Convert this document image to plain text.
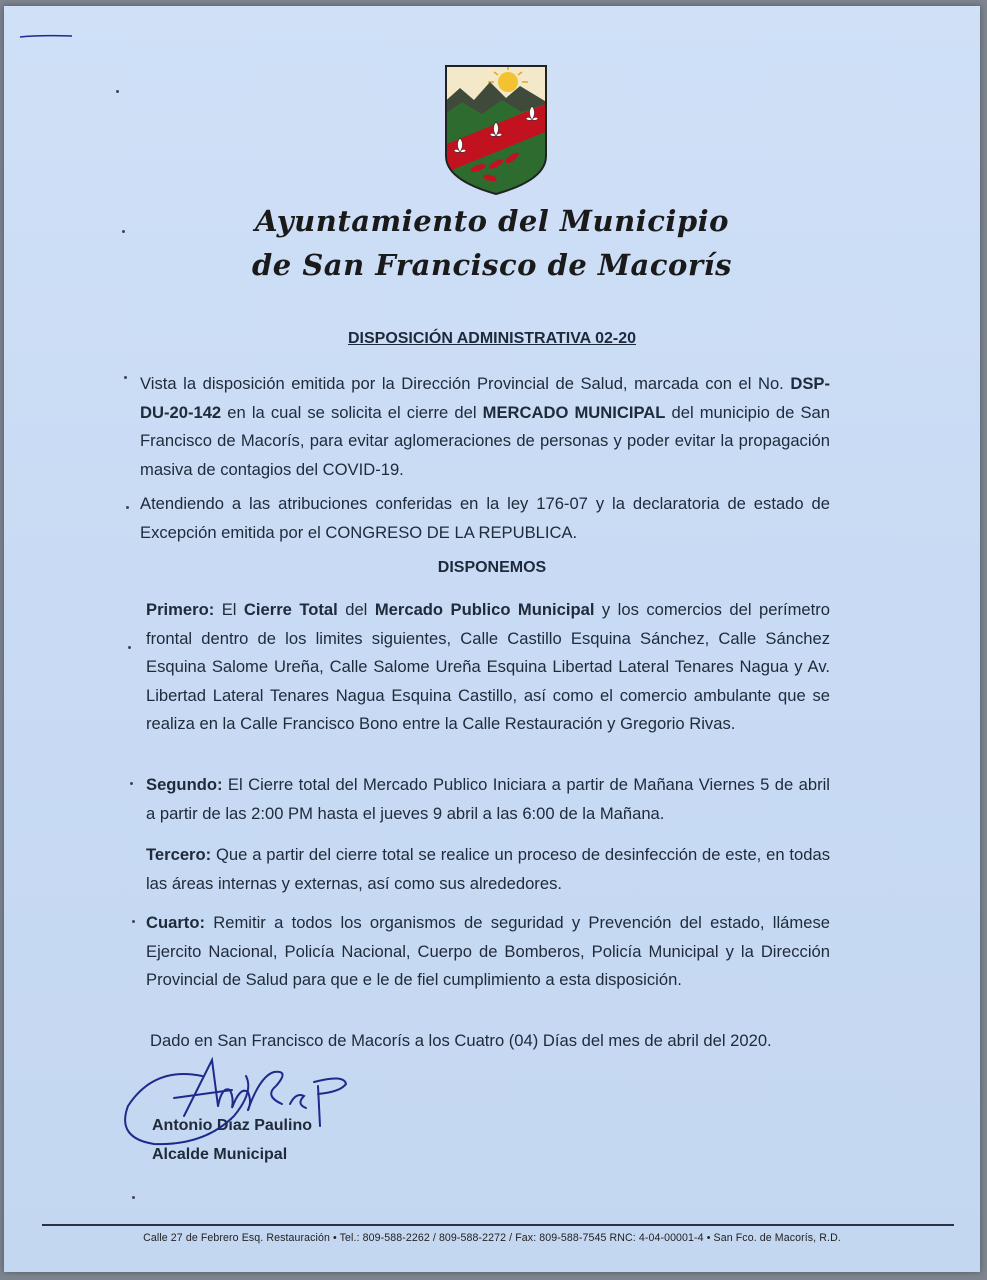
Ayuntamiento del Municipio
de San Francisco de Macorís
DISPOSICIÓN ADMINISTRATIVA 02-20
Vista la disposición emitida por la Dirección Provincial de Salud, marcada con el No. DSP-DU-20-142 en la cual se solicita el cierre del MERCADO MUNICIPAL del municipio de San Francisco de Macorís, para evitar aglomeraciones de personas y poder evitar la propagación masiva de contagios del COVID-19.
Atendiendo a las atribuciones conferidas en la ley 176-07 y la declaratoria de estado de Excepción emitida por el CONGRESO DE LA REPUBLICA.
DISPONEMOS
Primero: El Cierre Total del Mercado Publico Municipal y los comercios del perímetro frontal dentro de los limites siguientes, Calle Castillo Esquina Sánchez, Calle Sánchez Esquina Salome Ureña, Calle Salome Ureña Esquina Libertad Lateral Tenares Nagua y Av. Libertad Lateral Tenares Nagua Esquina Castillo, así como el comercio ambulante que se realiza en la Calle Francisco Bono entre la Calle Restauración y Gregorio Rivas.
Segundo: El Cierre total del Mercado Publico Iniciara a partir de Mañana Viernes 5 de abril a partir de las 2:00 PM hasta el jueves 9 abril a las 6:00 de la Mañana.
Tercero: Que a partir del cierre total se realice un proceso de desinfección de este, en todas las áreas internas y externas, así como sus alrededores.
Cuarto: Remitir a todos los organismos de seguridad y Prevención del estado, llámese Ejercito Nacional, Policía Nacional, Cuerpo de Bomberos, Policía Municipal y la Dirección Provincial de Salud para que e le de fiel cumplimiento a esta disposición.
Dado en San Francisco de Macorís a los Cuatro (04) Días del mes de abril del 2020.
Antonio Diaz Paulino
Alcalde Municipal
Calle 27 de Febrero Esq. Restauración • Tel.: 809-588-2262 / 809-588-2272 / Fax: 809-588-7545 RNC: 4-04-00001-4 • San Fco. de Macorís, R.D.
